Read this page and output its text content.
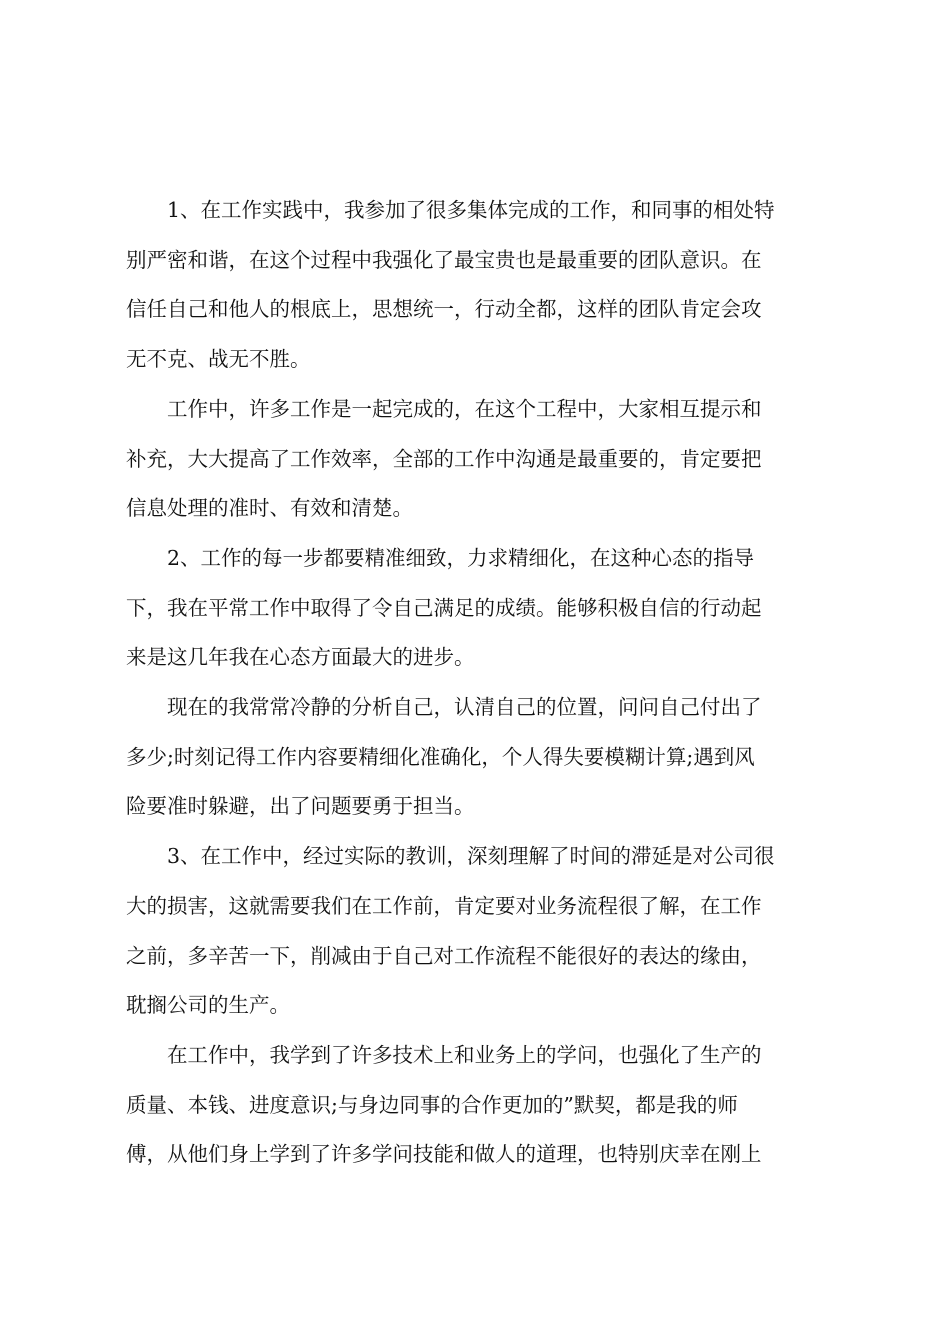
1、在工作实践中，我参加了很多集体完成的工作，和同事的相处特
别严密和谐，在这个过程中我强化了最宝贵也是最重要的团队意识。在
信任自己和他人的根底上，思想统一，行动全都，这样的团队肯定会攻
无不克、战无不胜。
工作中，许多工作是一起完成的，在这个工程中，大家相互提示和
补充，大大提高了工作效率，全部的工作中沟通是最重要的，肯定要把
信息处理的准时、有效和清楚。
2、工作的每一步都要精准细致，力求精细化，在这种心态的指导
下，我在平常工作中取得了令自己满足的成绩。能够积极自信的行动起
来是这几年我在心态方面最大的进步。
现在的我常常冷静的分析自己，认清自己的位置，问问自己付出了
多少;时刻记得工作内容要精细化准确化，个人得失要模糊计算;遇到风
险要准时躲避，出了问题要勇于担当。
3、在工作中，经过实际的教训，深刻理解了时间的滞延是对公司很
大的损害，这就需要我们在工作前，肯定要对业务流程很了解，在工作
之前，多辛苦一下，削减由于自己对工作流程不能很好的表达的缘由，
耽搁公司的生产。
在工作中，我学到了许多技术上和业务上的学问，也强化了生产的
质量、本钱、进度意识;与身边同事的合作更加的”默契，都是我的师
傅，从他们身上学到了许多学问技能和做人的道理，也特别庆幸在刚上
